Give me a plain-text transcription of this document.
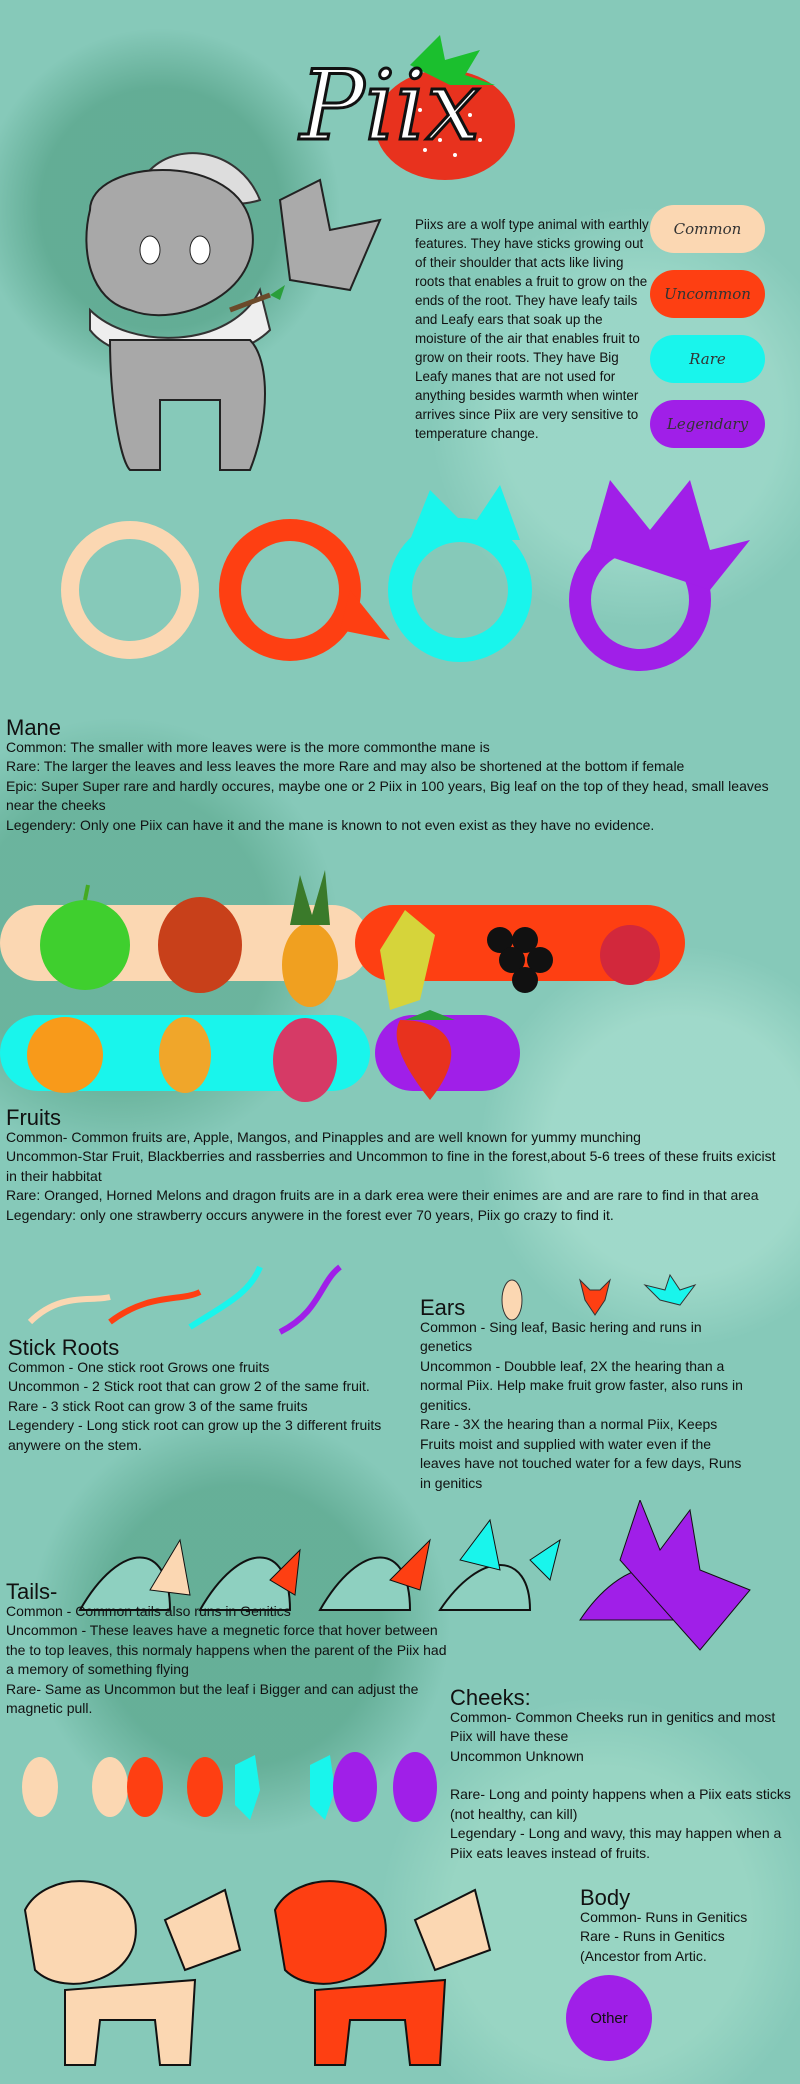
Piix
Piixs are a wolf type animal with earthly features. They have sticks growing out of their shoulder that acts like living roots that enables a fruit to grow on the ends of the root. They have leafy tails and Leafy ears that soak up the moisture of the air that enables fruit to grow on their roots. They have Big Leafy manes that are not used for anything besides warmth when winter arrives since Piix are very sensitive to temperature change.
Common
Uncommon
Rare
Legendary
Mane

Common: The smaller with more leaves were is the more commonthe mane is

Rare: The larger the leaves and less leaves the more Rare and may also be shortened at the bottom if female

Epic: Super Super rare and hardly occures, maybe one or 2 Piix in 100 years, Big leaf on the top of they head, small leaves near the cheeks

Legendery: Only one Piix can have it and the mane is known to not even exist as they have no evidence.

Fruits

Common- Common fruits are, Apple, Mangos, and Pinapples and are well known for yummy munching

Uncommon-Star Fruit, Blackberries and rassberries and Uncommon to fine in the forest,about 5-6 trees of these fruits exicist in their habbitat

Rare: Oranged, Horned Melons and dragon fruits are in a dark erea were their enimes are and are rare to find in that area

Legendary: only one strawberry occurs anywere in the forest ever 70 years, Piix go crazy to find it.

Stick Roots

Common - One stick root Grows one fruits

Uncommon - 2 Stick root that can grow 2 of the same fruit.

Rare - 3 stick Root can grow 3 of the same fruits

Legendery - Long stick root can grow up the 3 different fruits anywere on the stem.

Ears

Common - Sing leaf, Basic hering and runs in genetics

Uncommon - Doubble leaf, 2X the hearing than a normal Piix. Help make fruit grow faster, also runs in genitics.

Rare - 3X the hearing than a normal Piix, Keeps Fruits moist and supplied with water even if the leaves have not touched water for a few days, Runs in genitics

Tails-

Common - Common tails also runs in Genitics

Uncommon - These leaves have a megnetic force that hover between the to top leaves, this normaly happens when the parent of the Piix had a memory of something flying

Rare- Same as Uncommon but the leaf i Bigger and can adjust the magnetic pull.	Cheeks:

Common- Common Cheeks run in genitics and most Piix will have these

Uncommon Unknown

Rare- Long and pointy happens when a Piix eats sticks (not healthy, can kill)

Legendary - Long and wavy, this may happen when a Piix eats leaves instead of fruits.

Body

Common- Runs in Genitics

Rare - Runs in Genitics

(Ancestor from Artic.

Other
